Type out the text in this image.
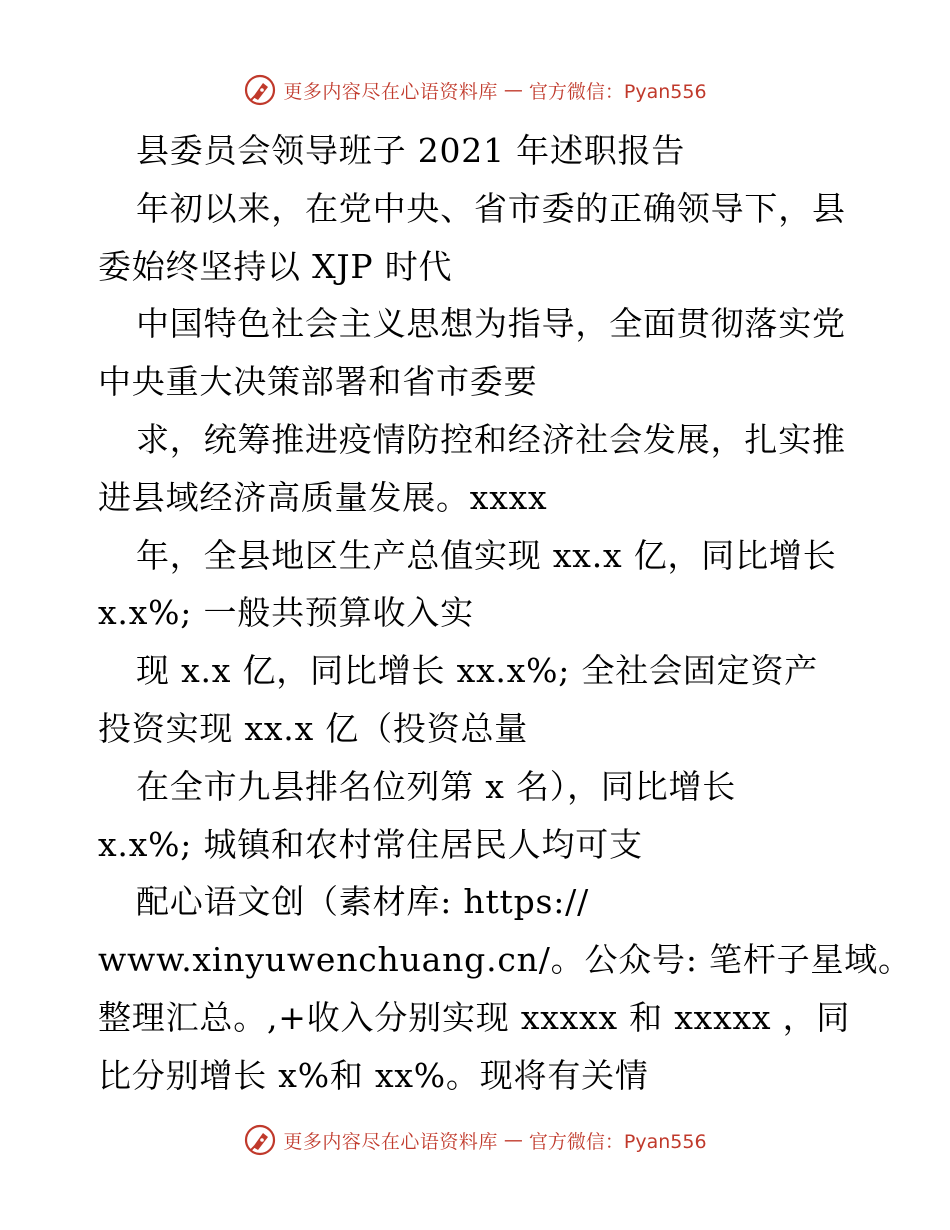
更多内容尽在心语资料库 — 官方微信：Pyan556
县委员会领导班子 2021 年述职报告
年初以来，在党中央、省市委的正确领导下，县
委始终坚持以 XJP 时代
中国特色社会主义思想为指导，全面贯彻落实党
中央重大决策部署和省市委要
求，统筹推进疫情防控和经济社会发展，扎实推
进县域经济高质量发展。xxxx
年，全县地区生产总值实现 xx.x 亿，同比增长
x.x%; 一般共预算收入实
现 x.x 亿，同比增长 xx.x%; 全社会固定资产
投资实现 xx.x 亿（投资总量
在全市九县排名位列第 x 名），同比增长
x.x%; 城镇和农村常住居民人均可支
配心语文创（素材库: https://
www.xinyuwenchuang.cn/。公众号: 笔杆子星域。
整理汇总。,+收入分别实现 xxxxx 和 xxxxx ，同
比分别增长 x%和 xx%。现将有关情
更多内容尽在心语资料库 — 官方微信：Pyan556
